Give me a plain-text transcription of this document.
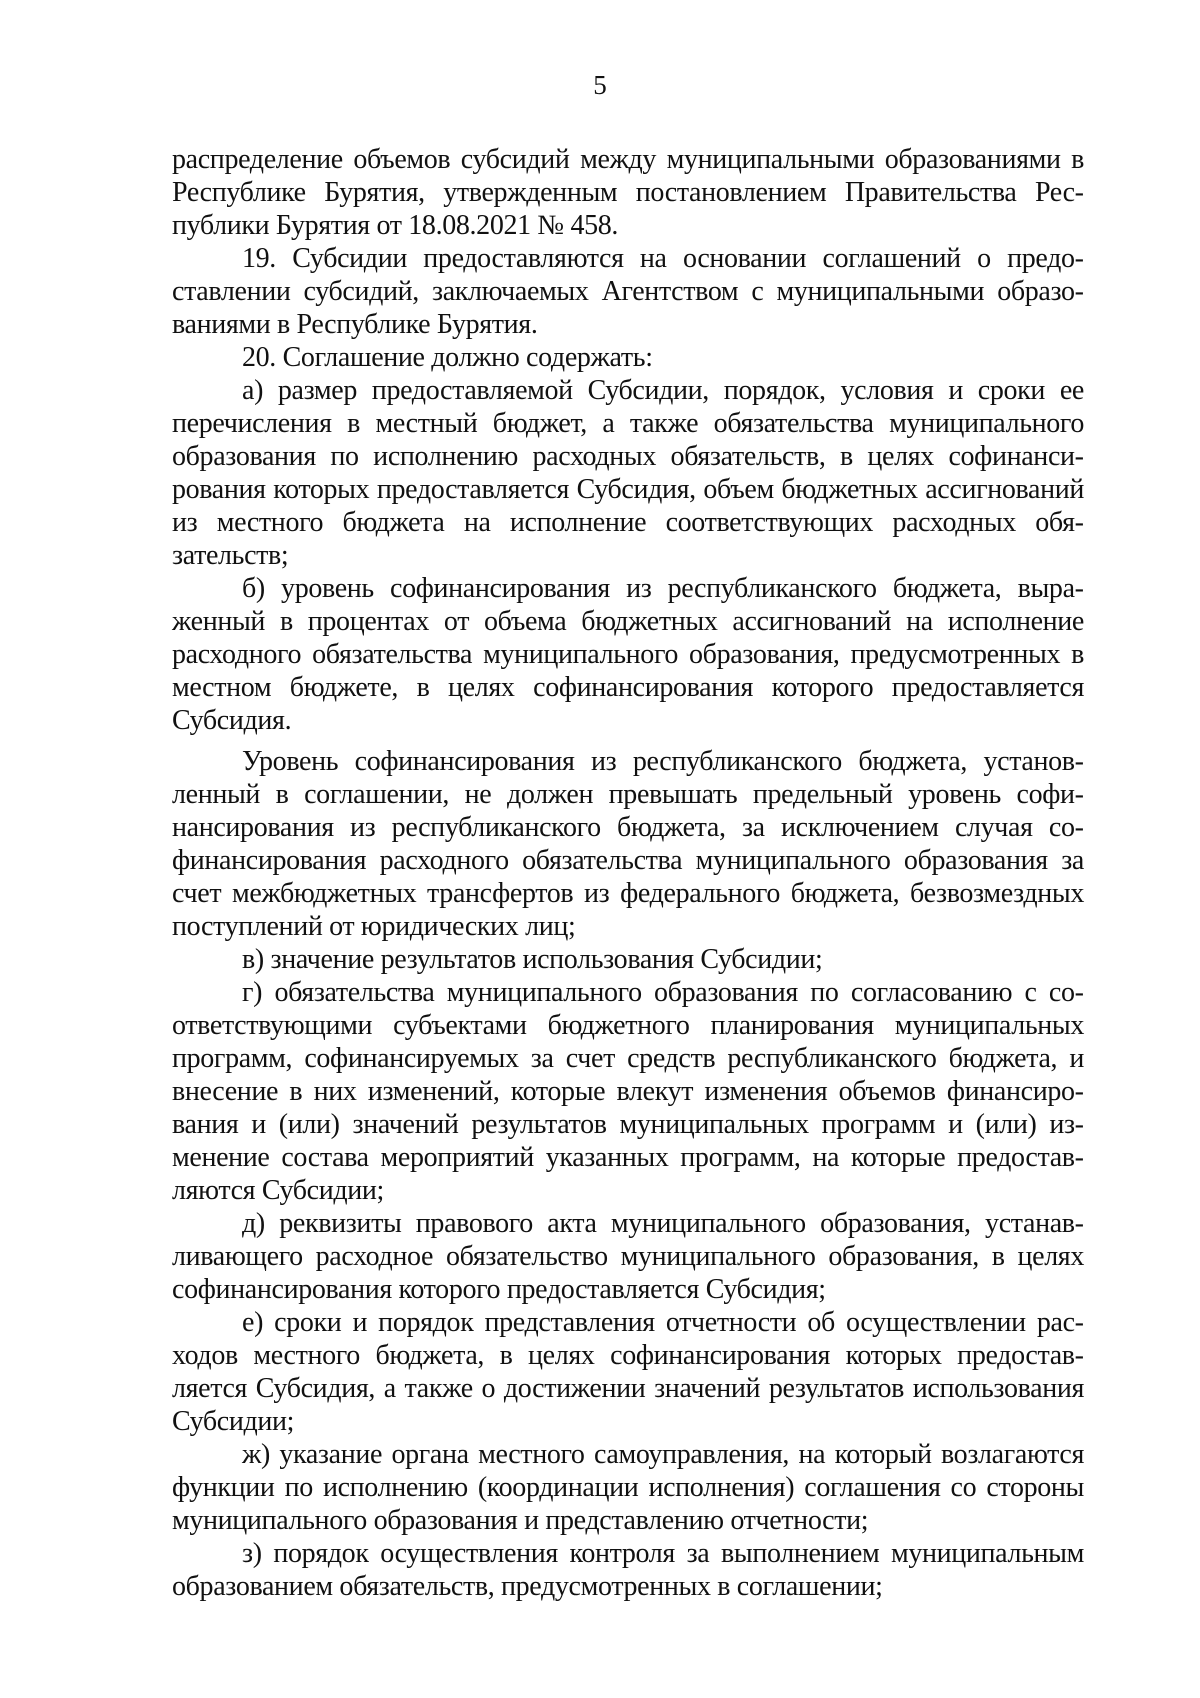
5

распределение объемов субсидий между муниципальными образованиями в Республике Бурятия, утвержденным постановлением Правительства Республики Бурятия от 18.08.2021 № 458.

19. Субсидии предоставляются на основании соглашений о предоставлении субсидий, заключаемых Агентством с муниципальными образованиями в Республике Бурятия.

20. Соглашение должно содержать:

а) размер предоставляемой Субсидии, порядок, условия и сроки ее перечисления в местный бюджет, а также обязательства муниципального образования по исполнению расходных обязательств, в целях софинансирования которых предоставляется Субсидия, объем бюджетных ассигнований из местного бюджета на исполнение соответствующих расходных обязательств;

б) уровень софинансирования из республиканского бюджета, выраженный в процентах от объема бюджетных ассигнований на исполнение расходного обязательства муниципального образования, предусмотренных в местном бюджете, в целях софинансирования которого предоставляется Субсидия.

Уровень софинансирования из республиканского бюджета, установленный в соглашении, не должен превышать предельный уровень софинансирования из республиканского бюджета, за исключением случая софинансирования расходного обязательства муниципального образования за счет межбюджетных трансфертов из федерального бюджета, безвозмездных поступлений от юридических лиц;

в) значение результатов использования Субсидии;

г) обязательства муниципального образования по согласованию с соответствующими субъектами бюджетного планирования муниципальных программ, софинансируемых за счет средств республиканского бюджета, и внесение в них изменений, которые влекут изменения объемов финансирования и (или) значений результатов муниципальных программ и (или) изменение состава мероприятий указанных программ, на которые предоставляются Субсидии;

д) реквизиты правового акта муниципального образования, устанавливающего расходное обязательство муниципального образования, в целях софинансирования которого предоставляется Субсидия;

е) сроки и порядок представления отчетности об осуществлении расходов местного бюджета, в целях софинансирования которых предоставляется Субсидия, а также о достижении значений результатов использования Субсидии;

ж) указание органа местного самоуправления, на который возлагаются функции по исполнению (координации исполнения) соглашения со стороны муниципального образования и представлению отчетности;

з) порядок осуществления контроля за выполнением муниципальным образованием обязательств, предусмотренных в соглашении;
